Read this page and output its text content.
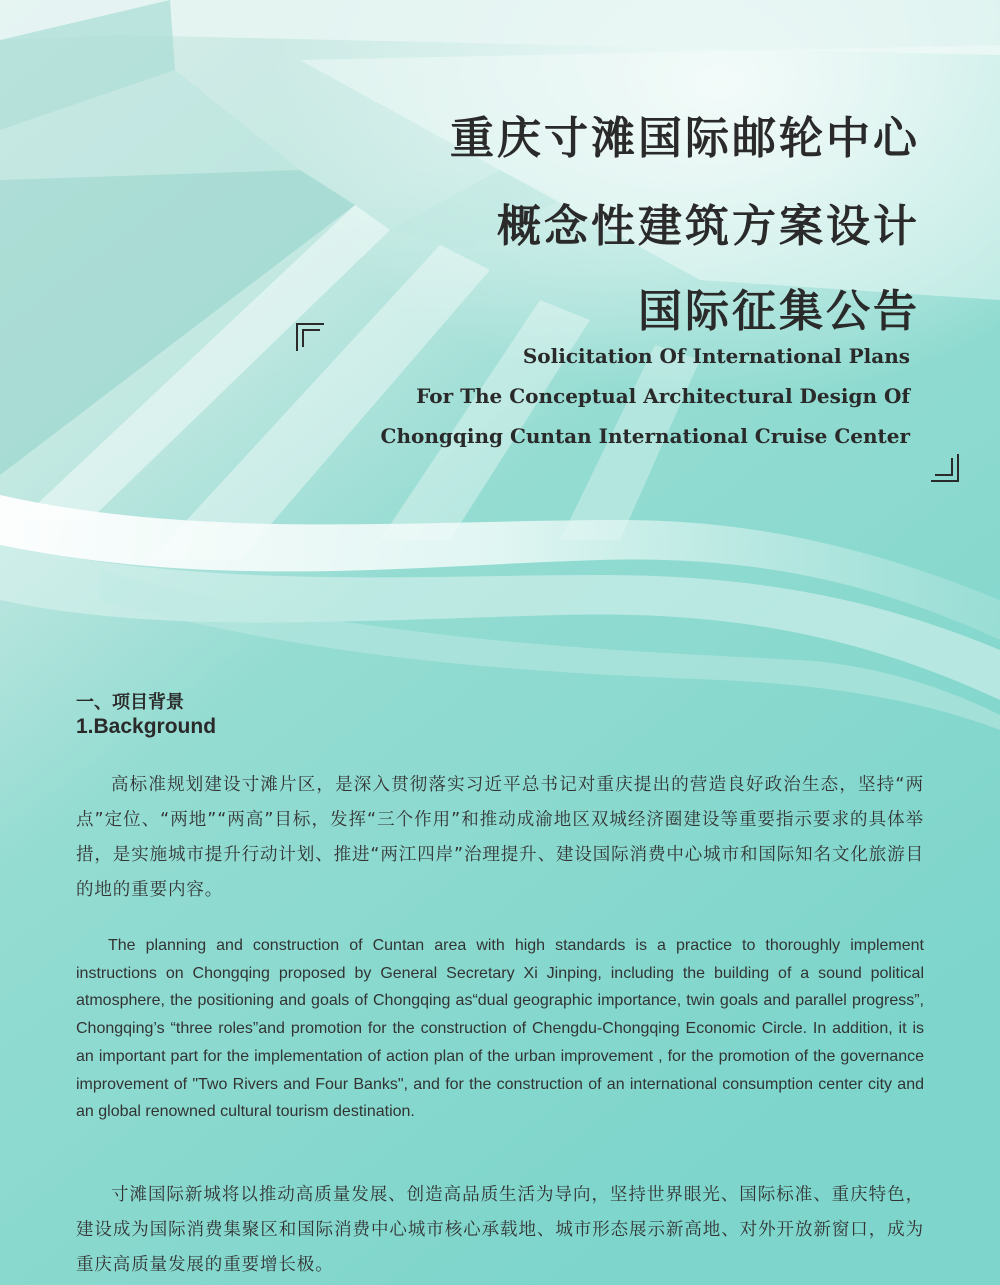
重庆寸滩国际邮轮中心
概念性建筑方案设计
国际征集公告
Solicitation Of International Plans
For The Conceptual Architectural Design Of
Chongqing Cuntan International Cruise Center
一、项目背景
1.Background

高标准规划建设寸滩片区，是深入贯彻落实习近平总书记对重庆提出的营造良好政治生态，坚持“两点”定位、“两地”“两高”目标，发挥“三个作用”和推动成渝地区双城经济圈建设等重要指示要求的具体举措，是实施城市提升行动计划、推进“两江四岸”治理提升、建设国际消费中心城市和国际知名文化旅游目的地的重要内容。

The planning and construction of Cuntan area with high standards is a practice to thoroughly implement instructions on Chongqing proposed by General Secretary Xi Jinping, including the building of a sound political atmosphere, the positioning and goals of Chongqing as“dual geographic importance, twin goals and parallel progress”, Chongqing’s “three roles”and promotion for the construction of Chengdu-Chongqing Economic Circle. In addition, it is an important part for the implementation of action plan of the urban improvement , for the promotion of the governance improvement of "Two Rivers and Four Banks", and for the construction of an international consumption center city and an global renowned cultural tourism destination.

寸滩国际新城将以推动高质量发展、创造高品质生活为导向，坚持世界眼光、国际标准、重庆特色，建设成为国际消费集聚区和国际消费中心城市核心承载地、城市形态展示新高地、对外开放新窗口，成为重庆高质量发展的重要增长极。
